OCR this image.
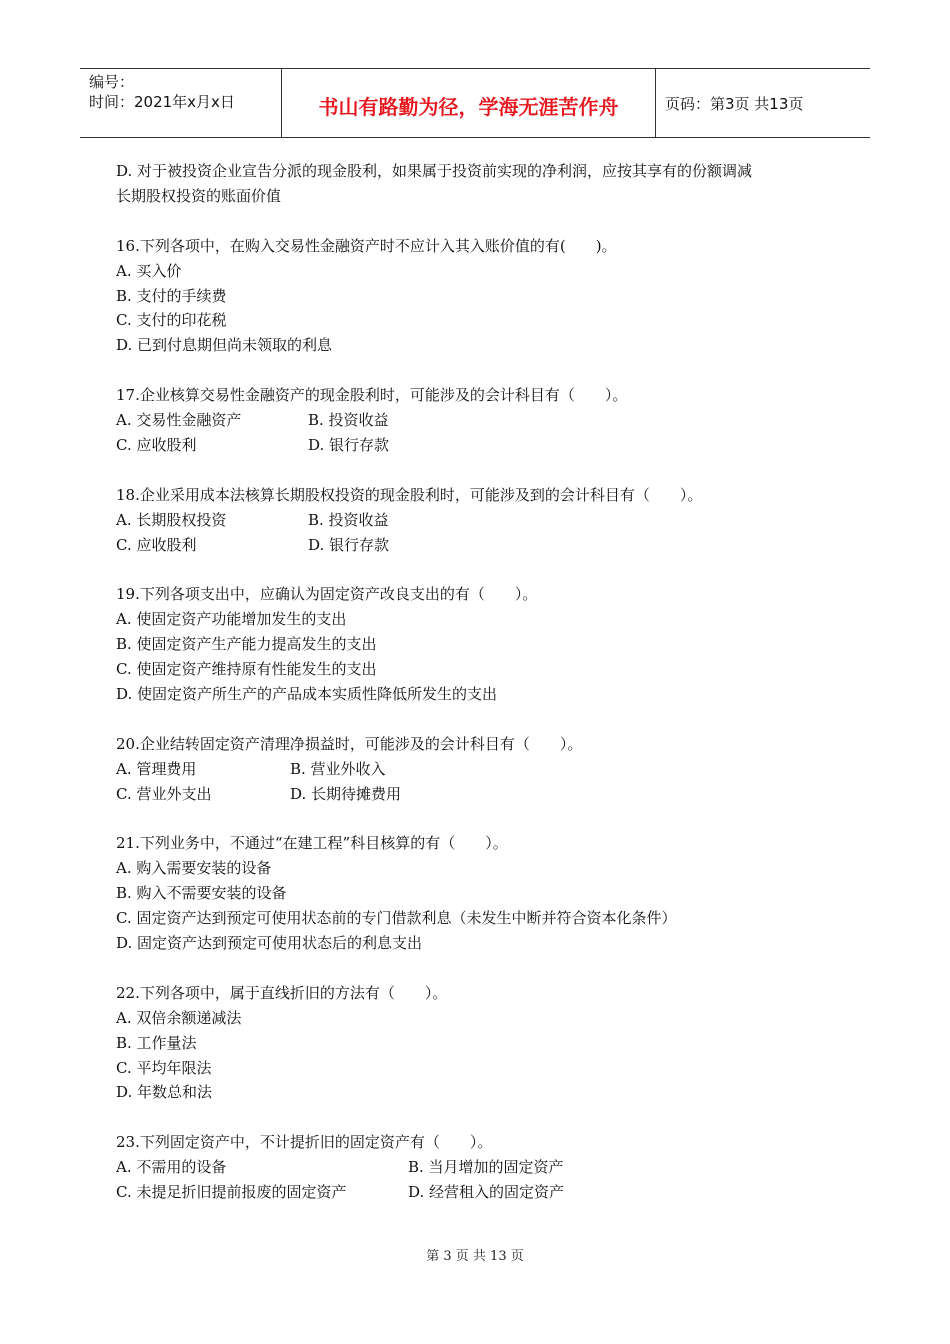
编号：
时间：2021年x月x日	书山有路勤为径，学海无涯苦作舟	页码：第3页 共13页
D. 对于被投资企业宣告分派的现金股利，如果属于投资前实现的净利润，应按其享有的份额调减
长期股权投资的账面价值
16.下列各项中，在购入交易性金融资产时不应计入其入账价值的有(　　)。
A. 买入价
B. 支付的手续费
C. 支付的印花税
D. 已到付息期但尚未领取的利息
17.企业核算交易性金融资产的现金股利时，可能涉及的会计科目有（　　）。
A. 交易性金融资产	B. 投资收益
C. 应收股利	D. 银行存款
18.企业采用成本法核算长期股权投资的现金股利时，可能涉及到的会计科目有（　　）。
A. 长期股权投资	B. 投资收益
C. 应收股利	D. 银行存款
19.下列各项支出中，应确认为固定资产改良支出的有（　　）。
A. 使固定资产功能增加发生的支出
B. 使固定资产生产能力提高发生的支出
C. 使固定资产维持原有性能发生的支出
D. 使固定资产所生产的产品成本实质性降低所发生的支出
20.企业结转固定资产清理净损益时，可能涉及的会计科目有（　　）。
A. 管理费用	B. 营业外收入
C. 营业外支出	D. 长期待摊费用
21.下列业务中，不通过“在建工程”科目核算的有（　　）。
A. 购入需要安装的设备
B. 购入不需要安装的设备
C. 固定资产达到预定可使用状态前的专门借款利息（未发生中断并符合资本化条件）
D. 固定资产达到预定可使用状态后的利息支出
22.下列各项中，属于直线折旧的方法有（　　）。
A. 双倍余额递减法
B. 工作量法
C. 平均年限法
D. 年数总和法
23.下列固定资产中，不计提折旧的固定资产有（　　）。
A. 不需用的设备	B. 当月增加的固定资产
C. 未提足折旧提前报废的固定资产	D. 经营租入的固定资产
第 3 页 共 13 页
